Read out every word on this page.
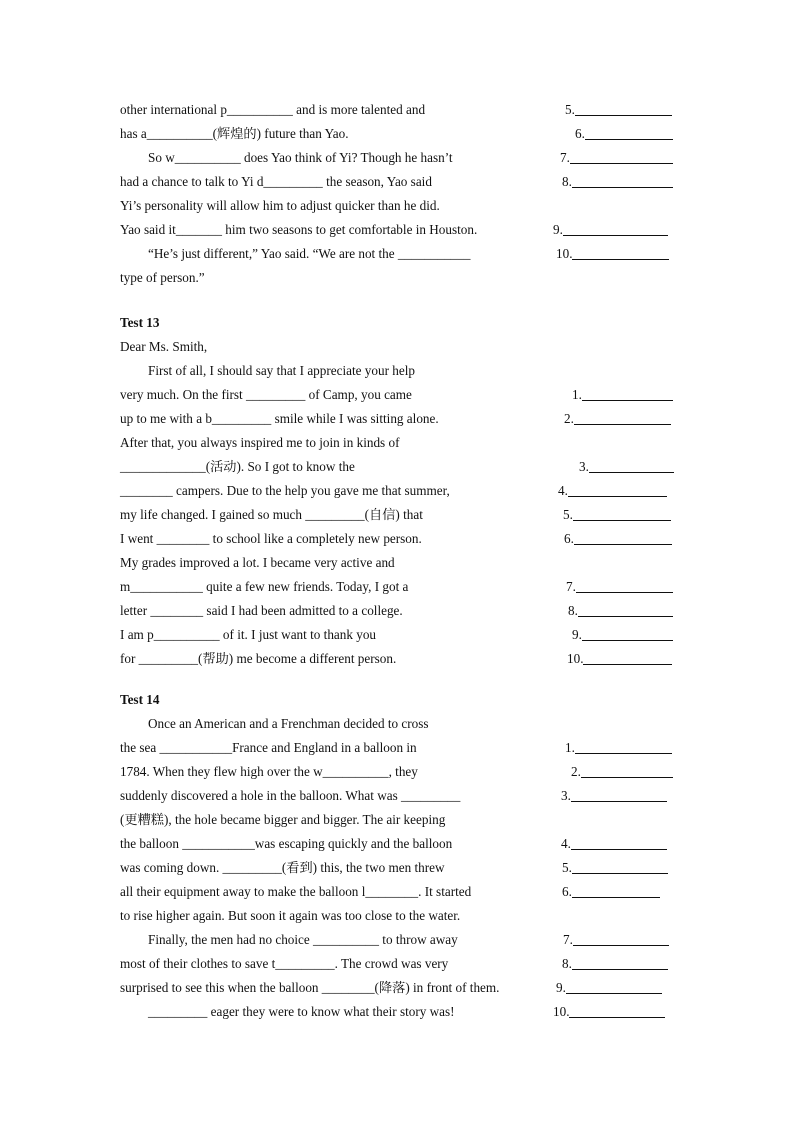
other international p__________ and is more talented and
has a__________(辉煌的) future than Yao.
So w__________ does Yao think of Yi? Though he hasn’t
had a chance to talk to Yi d_________ the season, Yao said
Yi’s personality will allow him to adjust quicker than he did.
Yao said it_______ him two seasons to get comfortable in Houston.
“He’s just different,” Yao said. “We are not the ___________
type of person.”
5.
6.
7.
8.
9.
10.
Test 13
Dear Ms. Smith,
First of all, I should say that I appreciate your help
very much. On the first _________ of Camp, you came
up to me with a b_________ smile while I was sitting alone.
After that, you always inspired me to join in kinds of
_____________(活动). So I got to know the
________ campers. Due to the help you gave me that summer,
my life changed. I gained so much _________(自信) that
I went ________ to school like a completely new person.
My grades improved a lot. I became very active and
m___________ quite a few new friends. Today, I got a
letter ________ said I had been admitted to a college.
I am p__________ of it. I just want to thank you
for _________(帮助) me become a different person.
1.
2.
3.
4.
5.
6.
7.
8.
9.
10.
Test 14
Once an American and a Frenchman decided to cross
the sea ___________France and England in a balloon in
1784. When they flew high over the w__________, they
suddenly discovered a hole in the balloon. What was _________
(更糟糕), the hole became bigger and bigger. The air keeping
the balloon ___________was escaping quickly and the balloon
was coming down. _________(看到) this, the two men threw
all their equipment away to make the balloon l________. It started
to rise higher again. But soon it again was too close to the water.
Finally, the men had no choice __________ to throw away
most of their clothes to save t_________. The crowd was very
surprised to see this when the balloon ________(降落) in front of them.
_________ eager they were to know what their story was!
1.
2.
3.
4.
5.
6.
7.
8.
9.
10.
